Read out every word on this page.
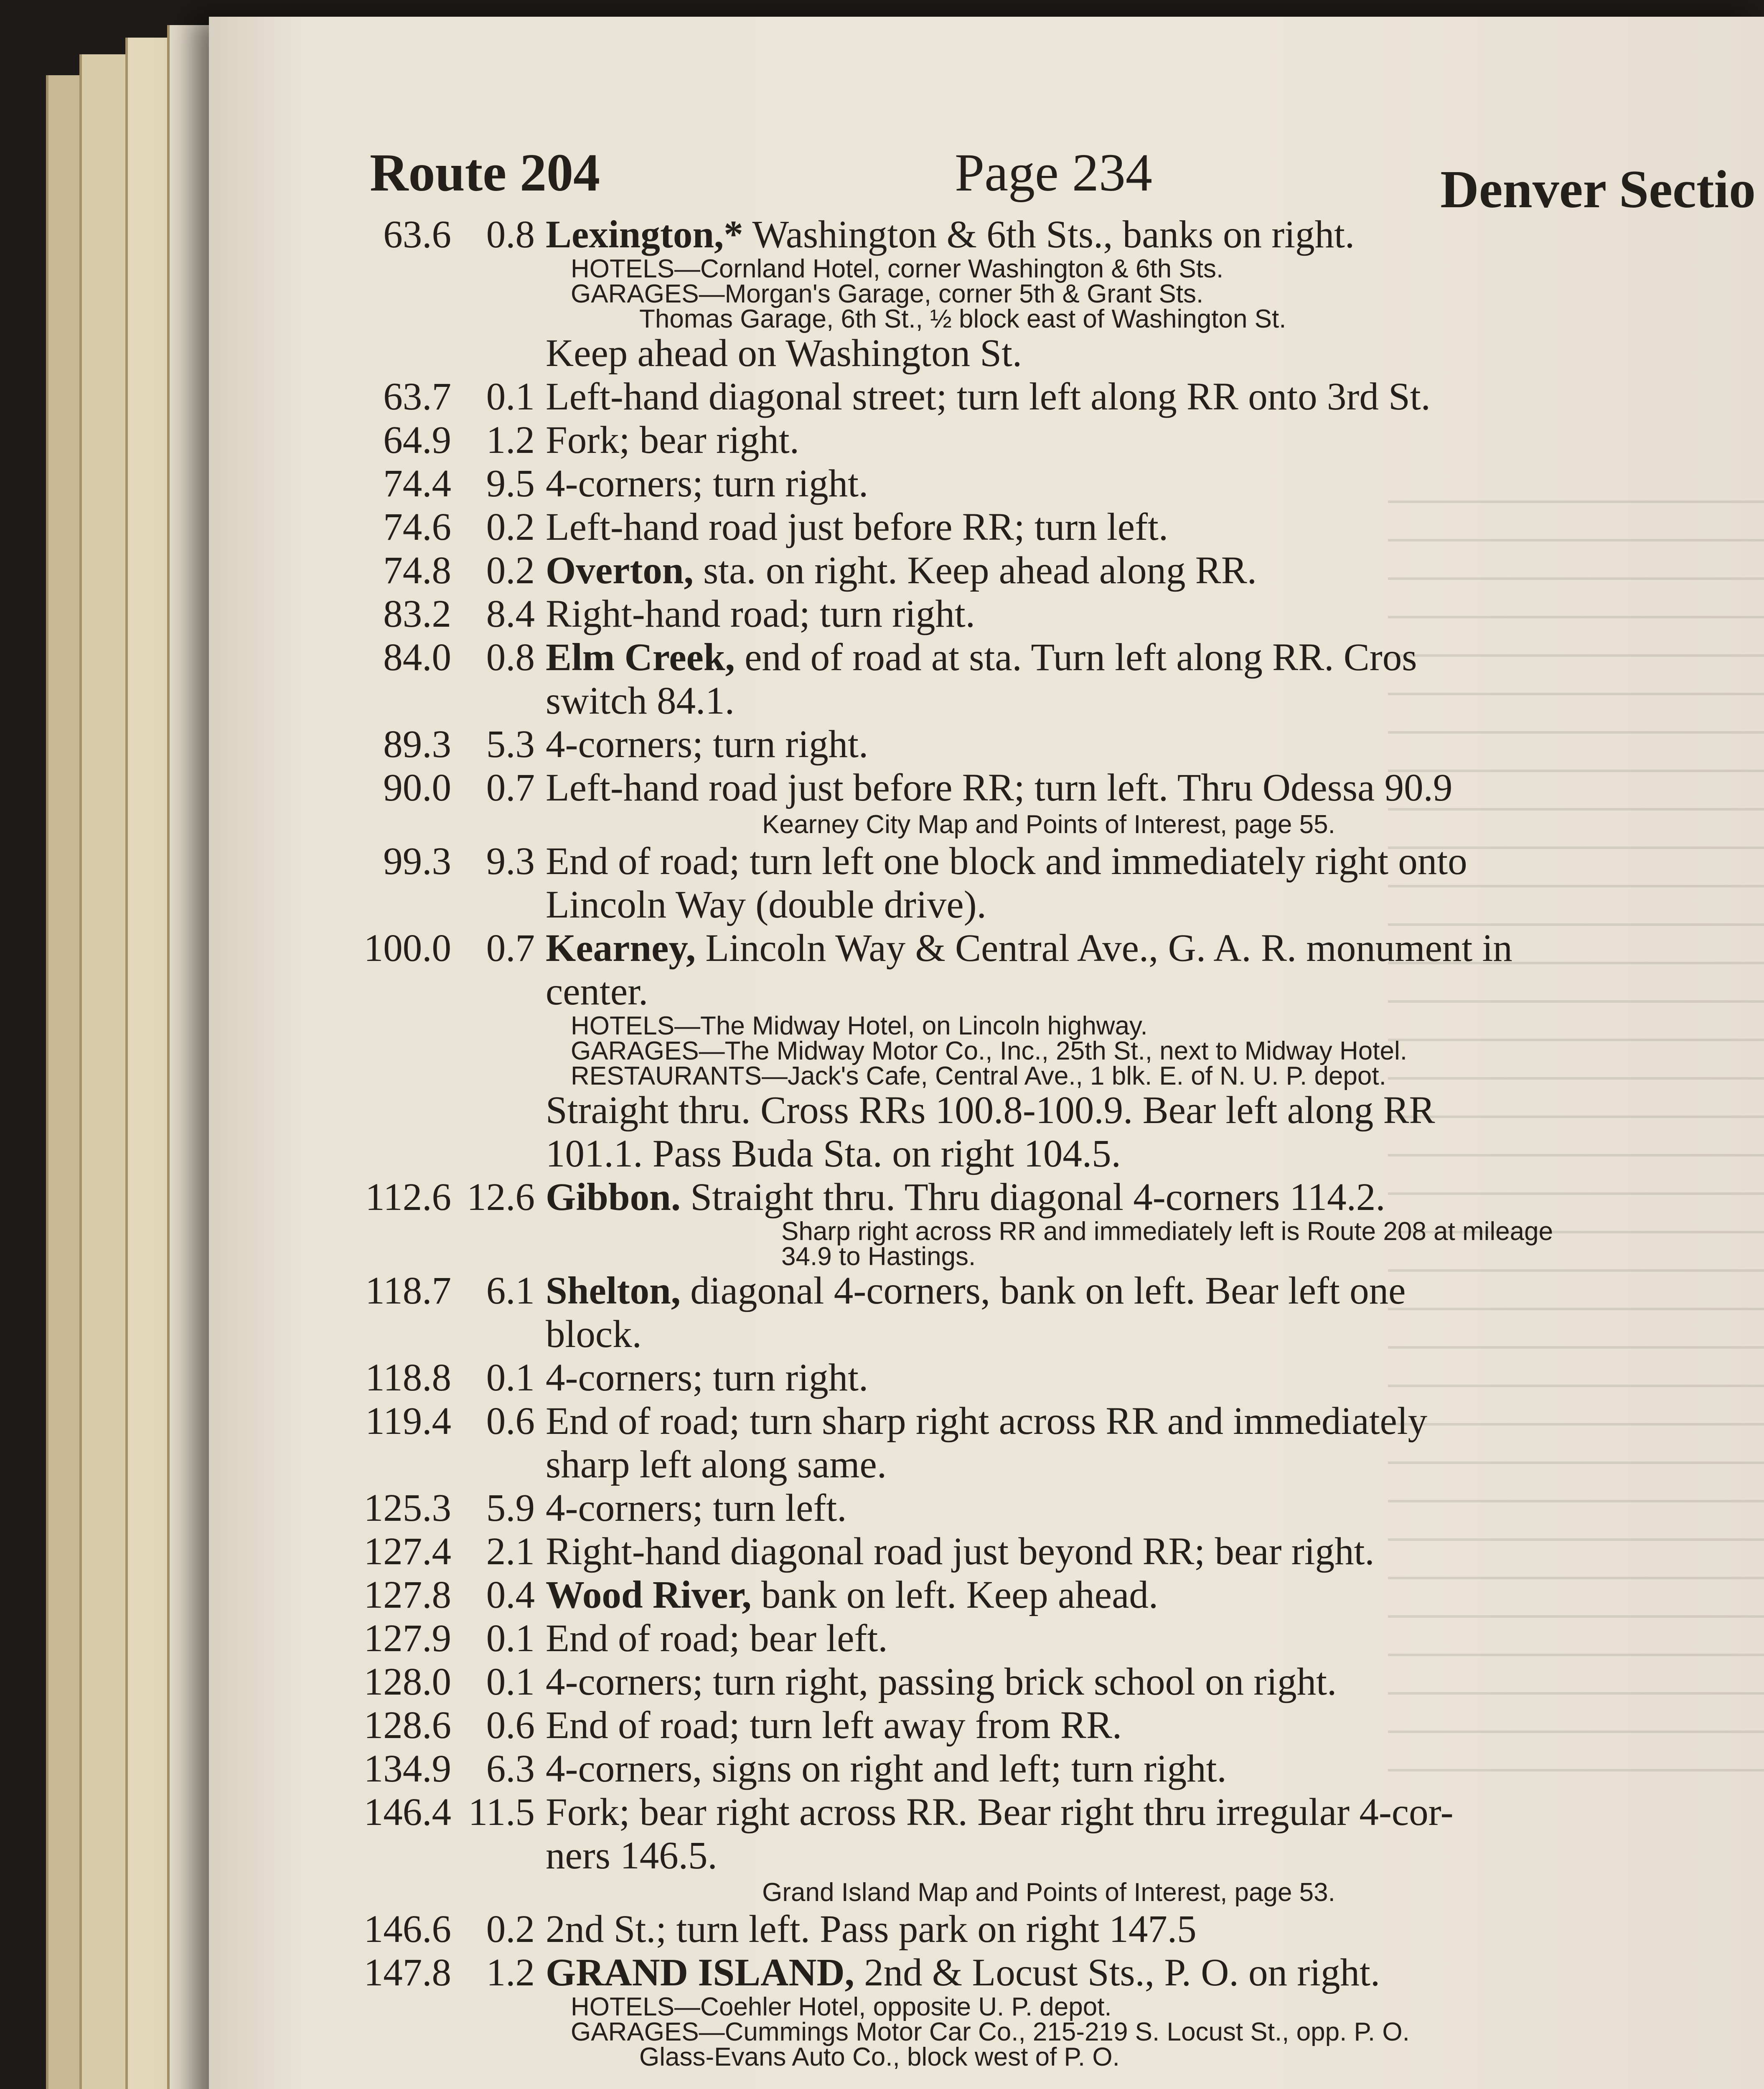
Route 204	Page 234	Denver Sectio
63.6 0.8 Lexington,* Washington & 6th Sts., banks on right.
HOTELS—Cornland Hotel, corner Washington & 6th Sts.
GARAGES—Morgan's Garage, corner 5th & Grant Sts.
Thomas Garage, 6th St., ½ block east of Washington St.
Keep ahead on Washington St.
63.7 0.1 Left-hand diagonal street; turn left along RR onto 3rd St.
64.9 1.2 Fork; bear right.
74.4 9.5 4-corners; turn right.
74.6 0.2 Left-hand road just before RR; turn left.
74.8 0.2 Overton, sta. on right. Keep ahead along RR.
83.2 8.4 Right-hand road; turn right.
84.0 0.8 Elm Creek, end of road at sta. Turn left along RR. Cros
switch 84.1.
89.3 5.3 4-corners; turn right.
90.0 0.7 Left-hand road just before RR; turn left. Thru Odessa 90.9
Kearney City Map and Points of Interest, page 55.
99.3 9.3 End of road; turn left one block and immediately right onto
Lincoln Way (double drive).
100.0 0.7 Kearney, Lincoln Way & Central Ave., G. A. R. monument in
center.
HOTELS—The Midway Hotel, on Lincoln highway.
GARAGES—The Midway Motor Co., Inc., 25th St., next to Midway Hotel.
RESTAURANTS—Jack's Cafe, Central Ave., 1 blk. E. of N. U. P. depot.
Straight thru. Cross RRs 100.8-100.9. Bear left along RR
101.1. Pass Buda Sta. on right 104.5.
112.6 12.6 Gibbon. Straight thru. Thru diagonal 4-corners 114.2.
Sharp right across RR and immediately left is Route 208 at mileage
34.9 to Hastings.
118.7 6.1 Shelton, diagonal 4-corners, bank on left. Bear left one
block.
118.8 0.1 4-corners; turn right.
119.4 0.6 End of road; turn sharp right across RR and immediately
sharp left along same.
125.3 5.9 4-corners; turn left.
127.4 2.1 Right-hand diagonal road just beyond RR; bear right.
127.8 0.4 Wood River, bank on left. Keep ahead.
127.9 0.1 End of road; bear left.
128.0 0.1 4-corners; turn right, passing brick school on right.
128.6 0.6 End of road; turn left away from RR.
134.9 6.3 4-corners, signs on right and left; turn right.
146.4 11.5 Fork; bear right across RR. Bear right thru irregular 4-cor-
ners 146.5.
Grand Island Map and Points of Interest, page 53.
146.6 0.2 2nd St.; turn left. Pass park on right 147.5
147.8 1.2 GRAND ISLAND, 2nd & Locust Sts., P. O. on right.
HOTELS—Coehler Hotel, opposite U. P. depot.
GARAGES—Cummings Motor Car Co., 215-219 S. Locust St., opp. P. O.
Glass-Evans Auto Co., block west of P. O.
